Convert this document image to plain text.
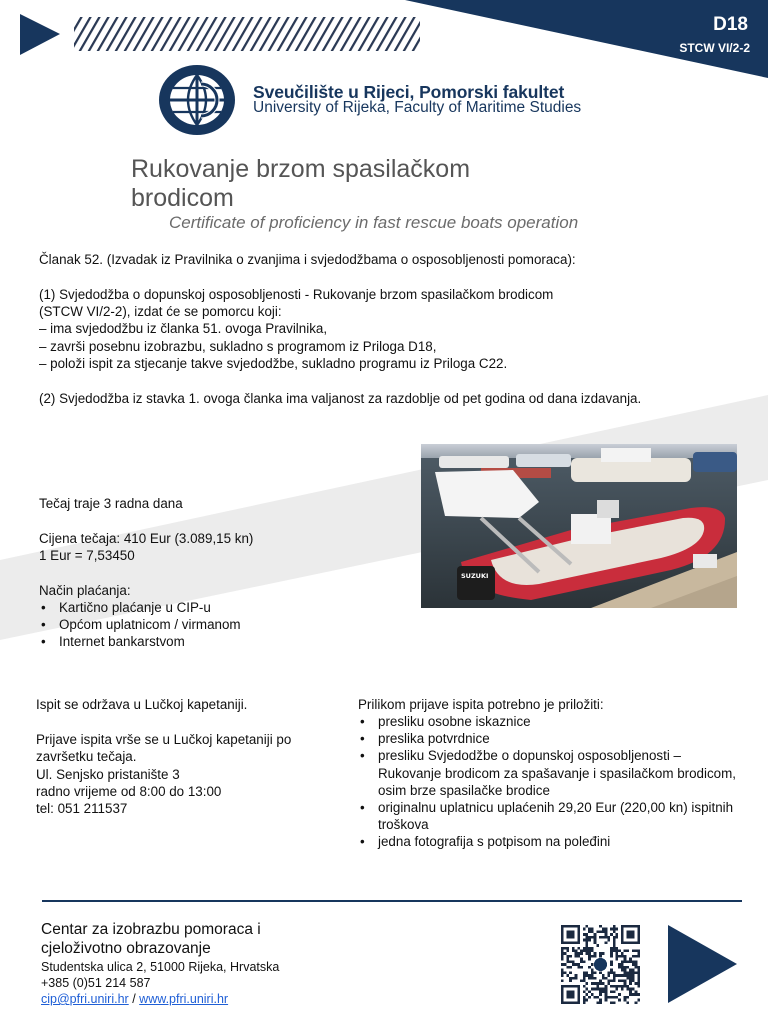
D18
STCW VI/2-2
Sveučilište u Rijeci, Pomorski fakultet
University of Rijeka, Faculty of Maritime Studies
Rukovanje brzom spasilačkom brodicom
Certificate of proficiency in fast rescue boats operation
Članak 52. (Izvadak iz Pravilnika o zvanjima i svjedodžbama o osposobljenosti pomoraca):
(1) Svjedodžba o dopunskoj osposobljenosti - Rukovanje brzom spasilačkom brodicom
(STCW VI/2-2), izdat će se pomorcu koji:
– ima svjedodžbu iz članka 51. ovoga Pravilnika,
– završi posebnu izobrazbu, sukladno s programom iz Priloga D18,
– položi ispit za stjecanje takve svjedodžbe, sukladno programu iz Priloga C22.
(2) Svjedodžba iz stavka 1. ovoga članka ima valjanost za razdoblje od pet godina od dana izdavanja.
SUZUKI
Tečaj traje 3 radna dana
Cijena tečaja: 410 Eur (3.089,15 kn)
1 Eur = 7,53450
Način plaćanja:
• Kartično plaćanje u CIP-u
• Općom uplatnicom / virmanom
• Internet bankarstvom
Ispit se održava u Lučkoj kapetaniji.
Prijave ispita vrše se u Lučkoj kapetaniji po završetku tečaja.
Ul. Senjsko pristanište 3
radno vrijeme od 8:00 do 13:00
tel: 051 211537
Prilikom prijave ispita potrebno je priložiti:
• presliku osobne iskaznice
• preslika potvrdnice
• presliku Svjedodžbe o dopunskoj osposobljenosti – Rukovanje brodicom za spašavanje i spasilačkom brodicom, osim brze spasilačke brodice
• originalnu uplatnicu uplaćenih 29,20 Eur (220,00 kn) ispitnih troškova
• jedna fotografija s potpisom na poleđini
Centar za izobrazbu pomoraca i cjeloživotno obrazovanje
Studentska ulica 2, 51000 Rijeka, Hrvatska
+385 (0)51 214 587
cip@pfri.uniri.hr / www.pfri.uniri.hr
